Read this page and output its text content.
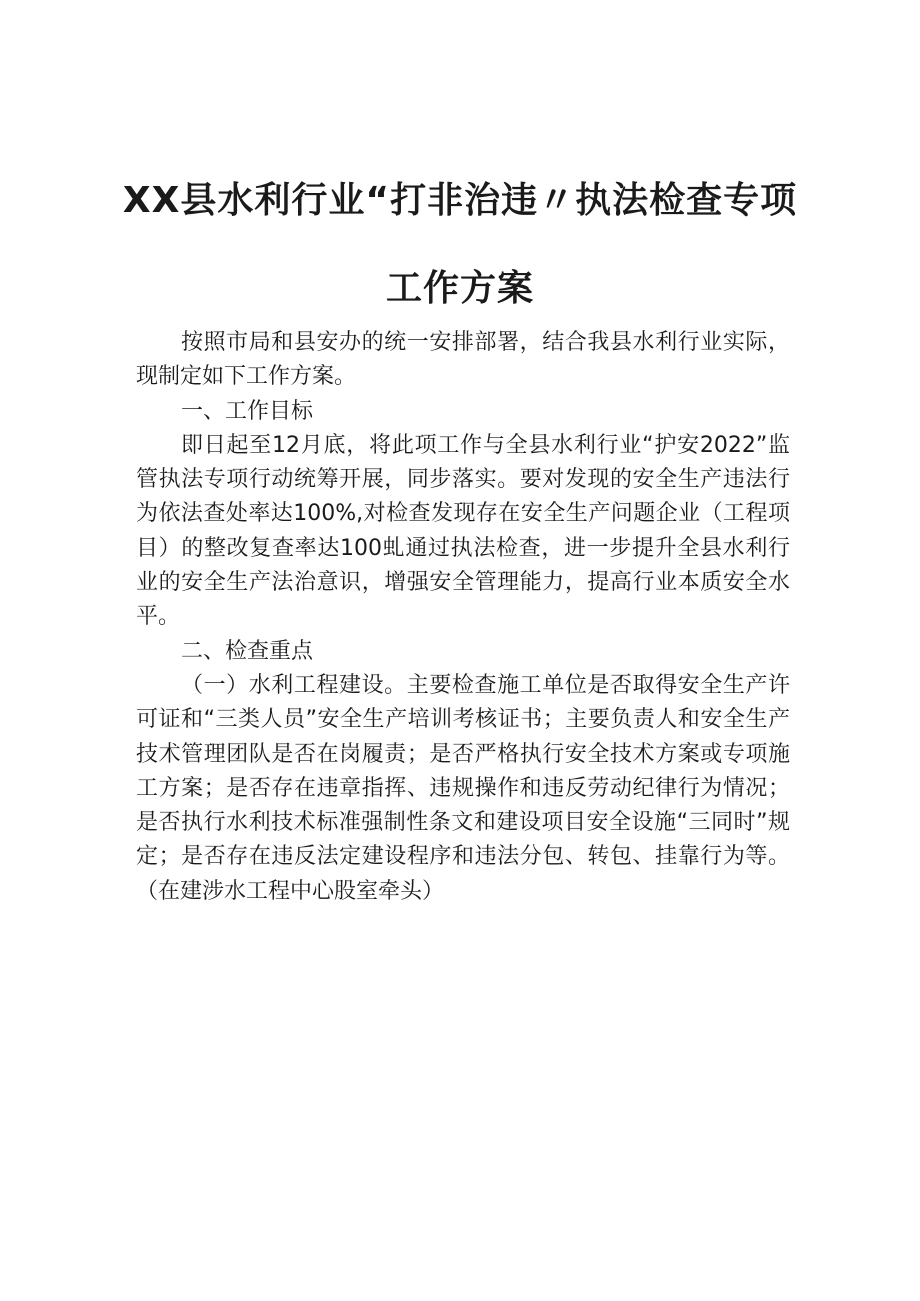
XX县水利行业“打非治违〃执法检查专项
工作方案

按照市局和县安办的统一安排部署，结合我县水利行业实际，现制定如下工作方案。

一、工作目标

即日起至12月底，将此项工作与全县水利行业“护安2022”监管执法专项行动统筹开展，同步落实。要对发现的安全生产违法行为依法查处率达100%,对检查发现存在安全生产问题企业（工程项目）的整改复查率达100虬通过执法检查，进一步提升全县水利行业的安全生产法治意识，增强安全管理能力，提高行业本质安全水平。

二、检查重点

（一）水利工程建设。主要检查施工单位是否取得安全生产许可证和“三类人员”安全生产培训考核证书；主要负责人和安全生产技术管理团队是否在岗履责；是否严格执行安全技术方案或专项施工方案；是否存在违章指挥、违规操作和违反劳动纪律行为情况；是否执行水利技术标准强制性条文和建设项目安全设施“三同时”规定；是否存在违反法定建设程序和违法分包、转包、挂靠行为等。（在建涉水工程中心股室牵头）
